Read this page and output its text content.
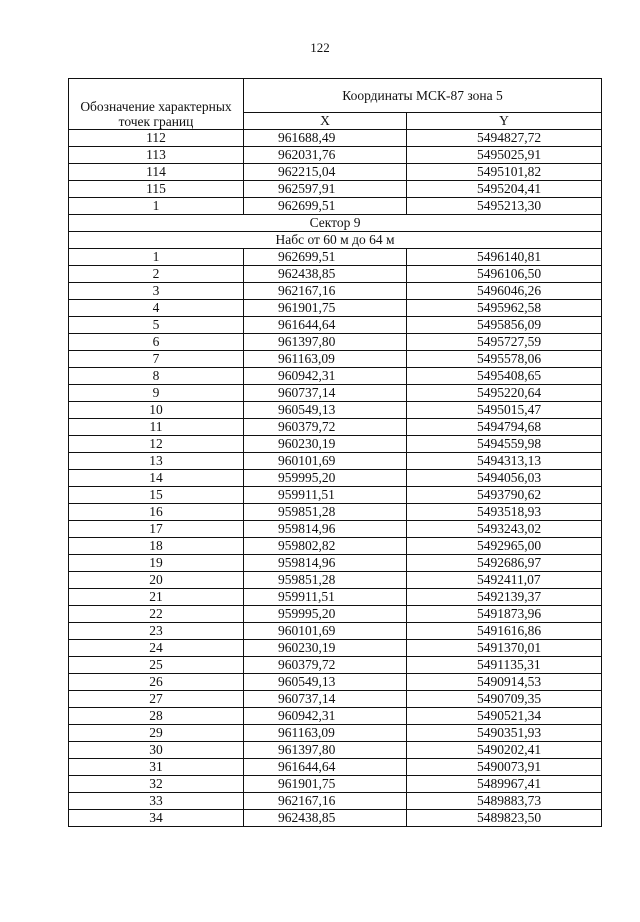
122
Обозначение характерных точек границ	Координаты МСК-87 зона 5	
	X	Y
112	961688,49	5494827,72
113	962031,76	5495025,91
114	962215,04	5495101,82
115	962597,91	5495204,41
1	962699,51	5495213,30
Сектор 9		
Набс от 60 м до 64 м		
1	962699,51	5496140,81
2	962438,85	5496106,50
3	962167,16	5496046,26
4	961901,75	5495962,58
5	961644,64	5495856,09
6	961397,80	5495727,59
7	961163,09	5495578,06
8	960942,31	5495408,65
9	960737,14	5495220,64
10	960549,13	5495015,47
11	960379,72	5494794,68
12	960230,19	5494559,98
13	960101,69	5494313,13
14	959995,20	5494056,03
15	959911,51	5493790,62
16	959851,28	5493518,93
17	959814,96	5493243,02
18	959802,82	5492965,00
19	959814,96	5492686,97
20	959851,28	5492411,07
21	959911,51	5492139,37
22	959995,20	5491873,96
23	960101,69	5491616,86
24	960230,19	5491370,01
25	960379,72	5491135,31
26	960549,13	5490914,53
27	960737,14	5490709,35
28	960942,31	5490521,34
29	961163,09	5490351,93
30	961397,80	5490202,41
31	961644,64	5490073,91
32	961901,75	5489967,41
33	962167,16	5489883,73
34	962438,85	5489823,50
